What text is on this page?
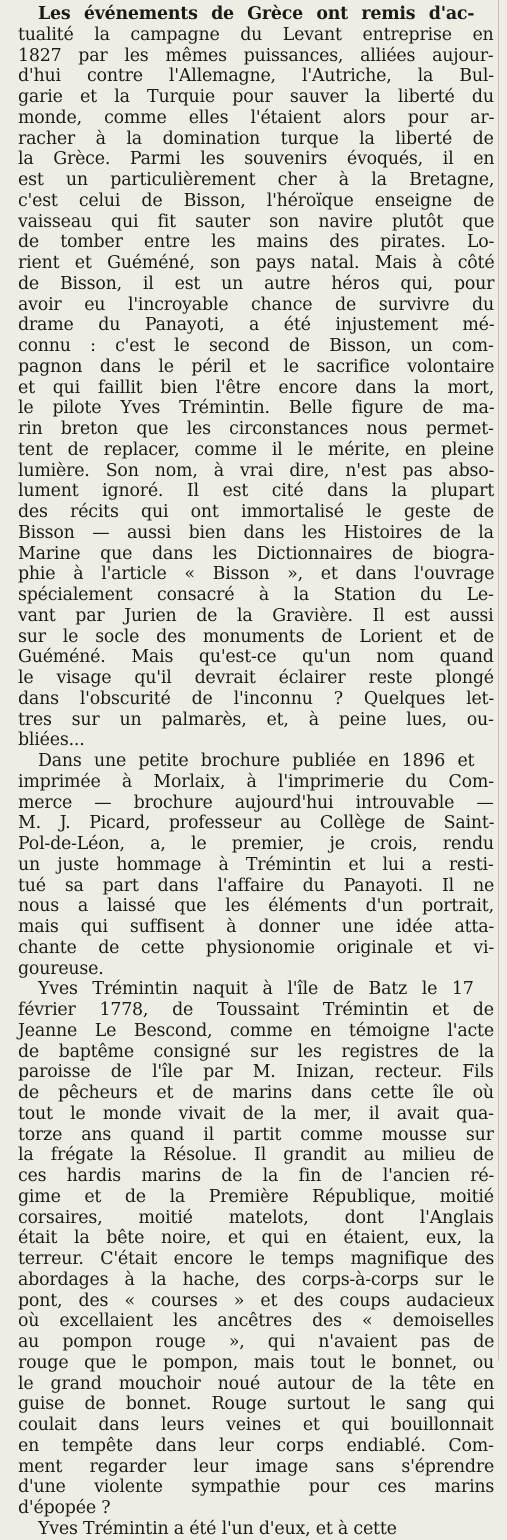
Les événements de Grèce ont remis d'ac-
tualité la campagne du Levant entreprise en
1827 par les mêmes puissances, alliées aujour-
d'hui contre l'Allemagne, l'Autriche, la Bul-
garie et la Turquie pour sauver la liberté du
monde, comme elles l'étaient alors pour ar-
racher à la domination turque la liberté de
la Grèce. Parmi les souvenirs évoqués, il en
est un particulièrement cher à la Bretagne,
c'est celui de Bisson, l'héroïque enseigne de
vaisseau qui fit sauter son navire plutôt que
de tomber entre les mains des pirates. Lo-
rient et Guéméné, son pays natal. Mais à côté
de Bisson, il est un autre héros qui, pour
avoir eu l'incroyable chance de survivre du
drame du Panayoti, a été injustement mé-
connu : c'est le second de Bisson, un com-
pagnon dans le péril et le sacrifice volontaire
et qui faillit bien l'être encore dans la mort,
le pilote Yves Trémintin. Belle figure de ma-
rin breton que les circonstances nous permet-
tent de replacer, comme il le mérite, en pleine
lumière. Son nom, à vrai dire, n'est pas abso-
lument ignoré. Il est cité dans la plupart
des récits qui ont immortalisé le geste de
Bisson — aussi bien dans les Histoires de la
Marine que dans les Dictionnaires de biogra-
phie à l'article « Bisson », et dans l'ouvrage
spécialement consacré à la Station du Le-
vant par Jurien de la Gravière. Il est aussi
sur le socle des monuments de Lorient et de
Guéméné. Mais qu'est-ce qu'un nom quand
le visage qu'il devrait éclairer reste plongé
dans l'obscurité de l'inconnu ? Quelques let-
tres sur un palmarès, et, à peine lues, ou-
bliées...
Dans une petite brochure publiée en 1896 et
imprimée à Morlaix, à l'imprimerie du Com-
merce — brochure aujourd'hui introuvable —
M. J. Picard, professeur au Collège de Saint-
Pol-de-Léon, a, le premier, je crois, rendu
un juste hommage à Trémintin et lui a resti-
tué sa part dans l'affaire du Panayoti. Il ne
nous a laissé que les éléments d'un portrait,
mais qui suffisent à donner une idée atta-
chante de cette physionomie originale et vi-
goureuse.
Yves Trémintin naquit à l'île de Batz le 17
février 1778, de Toussaint Trémintin et de
Jeanne Le Bescond, comme en témoigne l'acte
de baptême consigné sur les registres de la
paroisse de l'île par M. Inizan, recteur. Fils
de pêcheurs et de marins dans cette île où
tout le monde vivait de la mer, il avait qua-
torze ans quand il partit comme mousse sur
la frégate la Résolue. Il grandit au milieu de
ces hardis marins de la fin de l'ancien ré-
gime et de la Première République, moitié
corsaires, moitié matelots, dont l'Anglais
était la bête noire, et qui en étaient, eux, la
terreur. C'était encore le temps magnifique des
abordages à la hache, des corps-à-corps sur le
pont, des « courses » et des coups audacieux
où excellaient les ancêtres des « demoiselles
au pompon rouge », qui n'avaient pas de
rouge que le pompon, mais tout le bonnet, ou
le grand mouchoir noué autour de la tête en
guise de bonnet. Rouge surtout le sang qui
coulait dans leurs veines et qui bouillonnait
en tempête dans leur corps endiablé. Com-
ment regarder leur image sans s'éprendre
d'une violente sympathie pour ces marins
d'épopée ?
Yves Trémintin a été l'un d'eux, et à cette
